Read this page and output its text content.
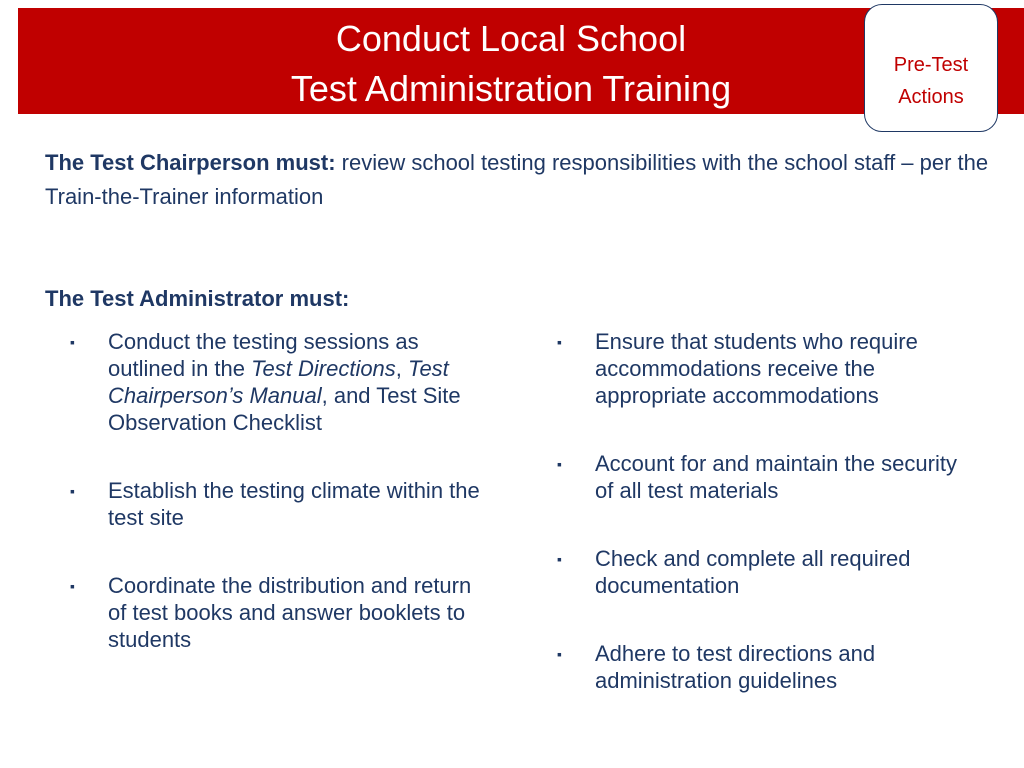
Conduct Local School
Test Administration Training
Pre-Test
Actions
The Test Chairperson must: review school testing responsibilities with the school staff – per the Train-the-Trainer information
The Test Administrator must:
▪ Conduct the testing sessions as outlined in the Test Directions, Test Chairperson’s Manual, and Test Site Observation Checklist
▪ Establish the testing climate within the test site
▪ Coordinate the distribution and return of test books and answer booklets to students
▪ Ensure that students who require accommodations receive the appropriate accommodations
▪ Account for and maintain the security of all test materials
▪ Check and complete all required documentation
▪ Adhere to test directions and administration guidelines
